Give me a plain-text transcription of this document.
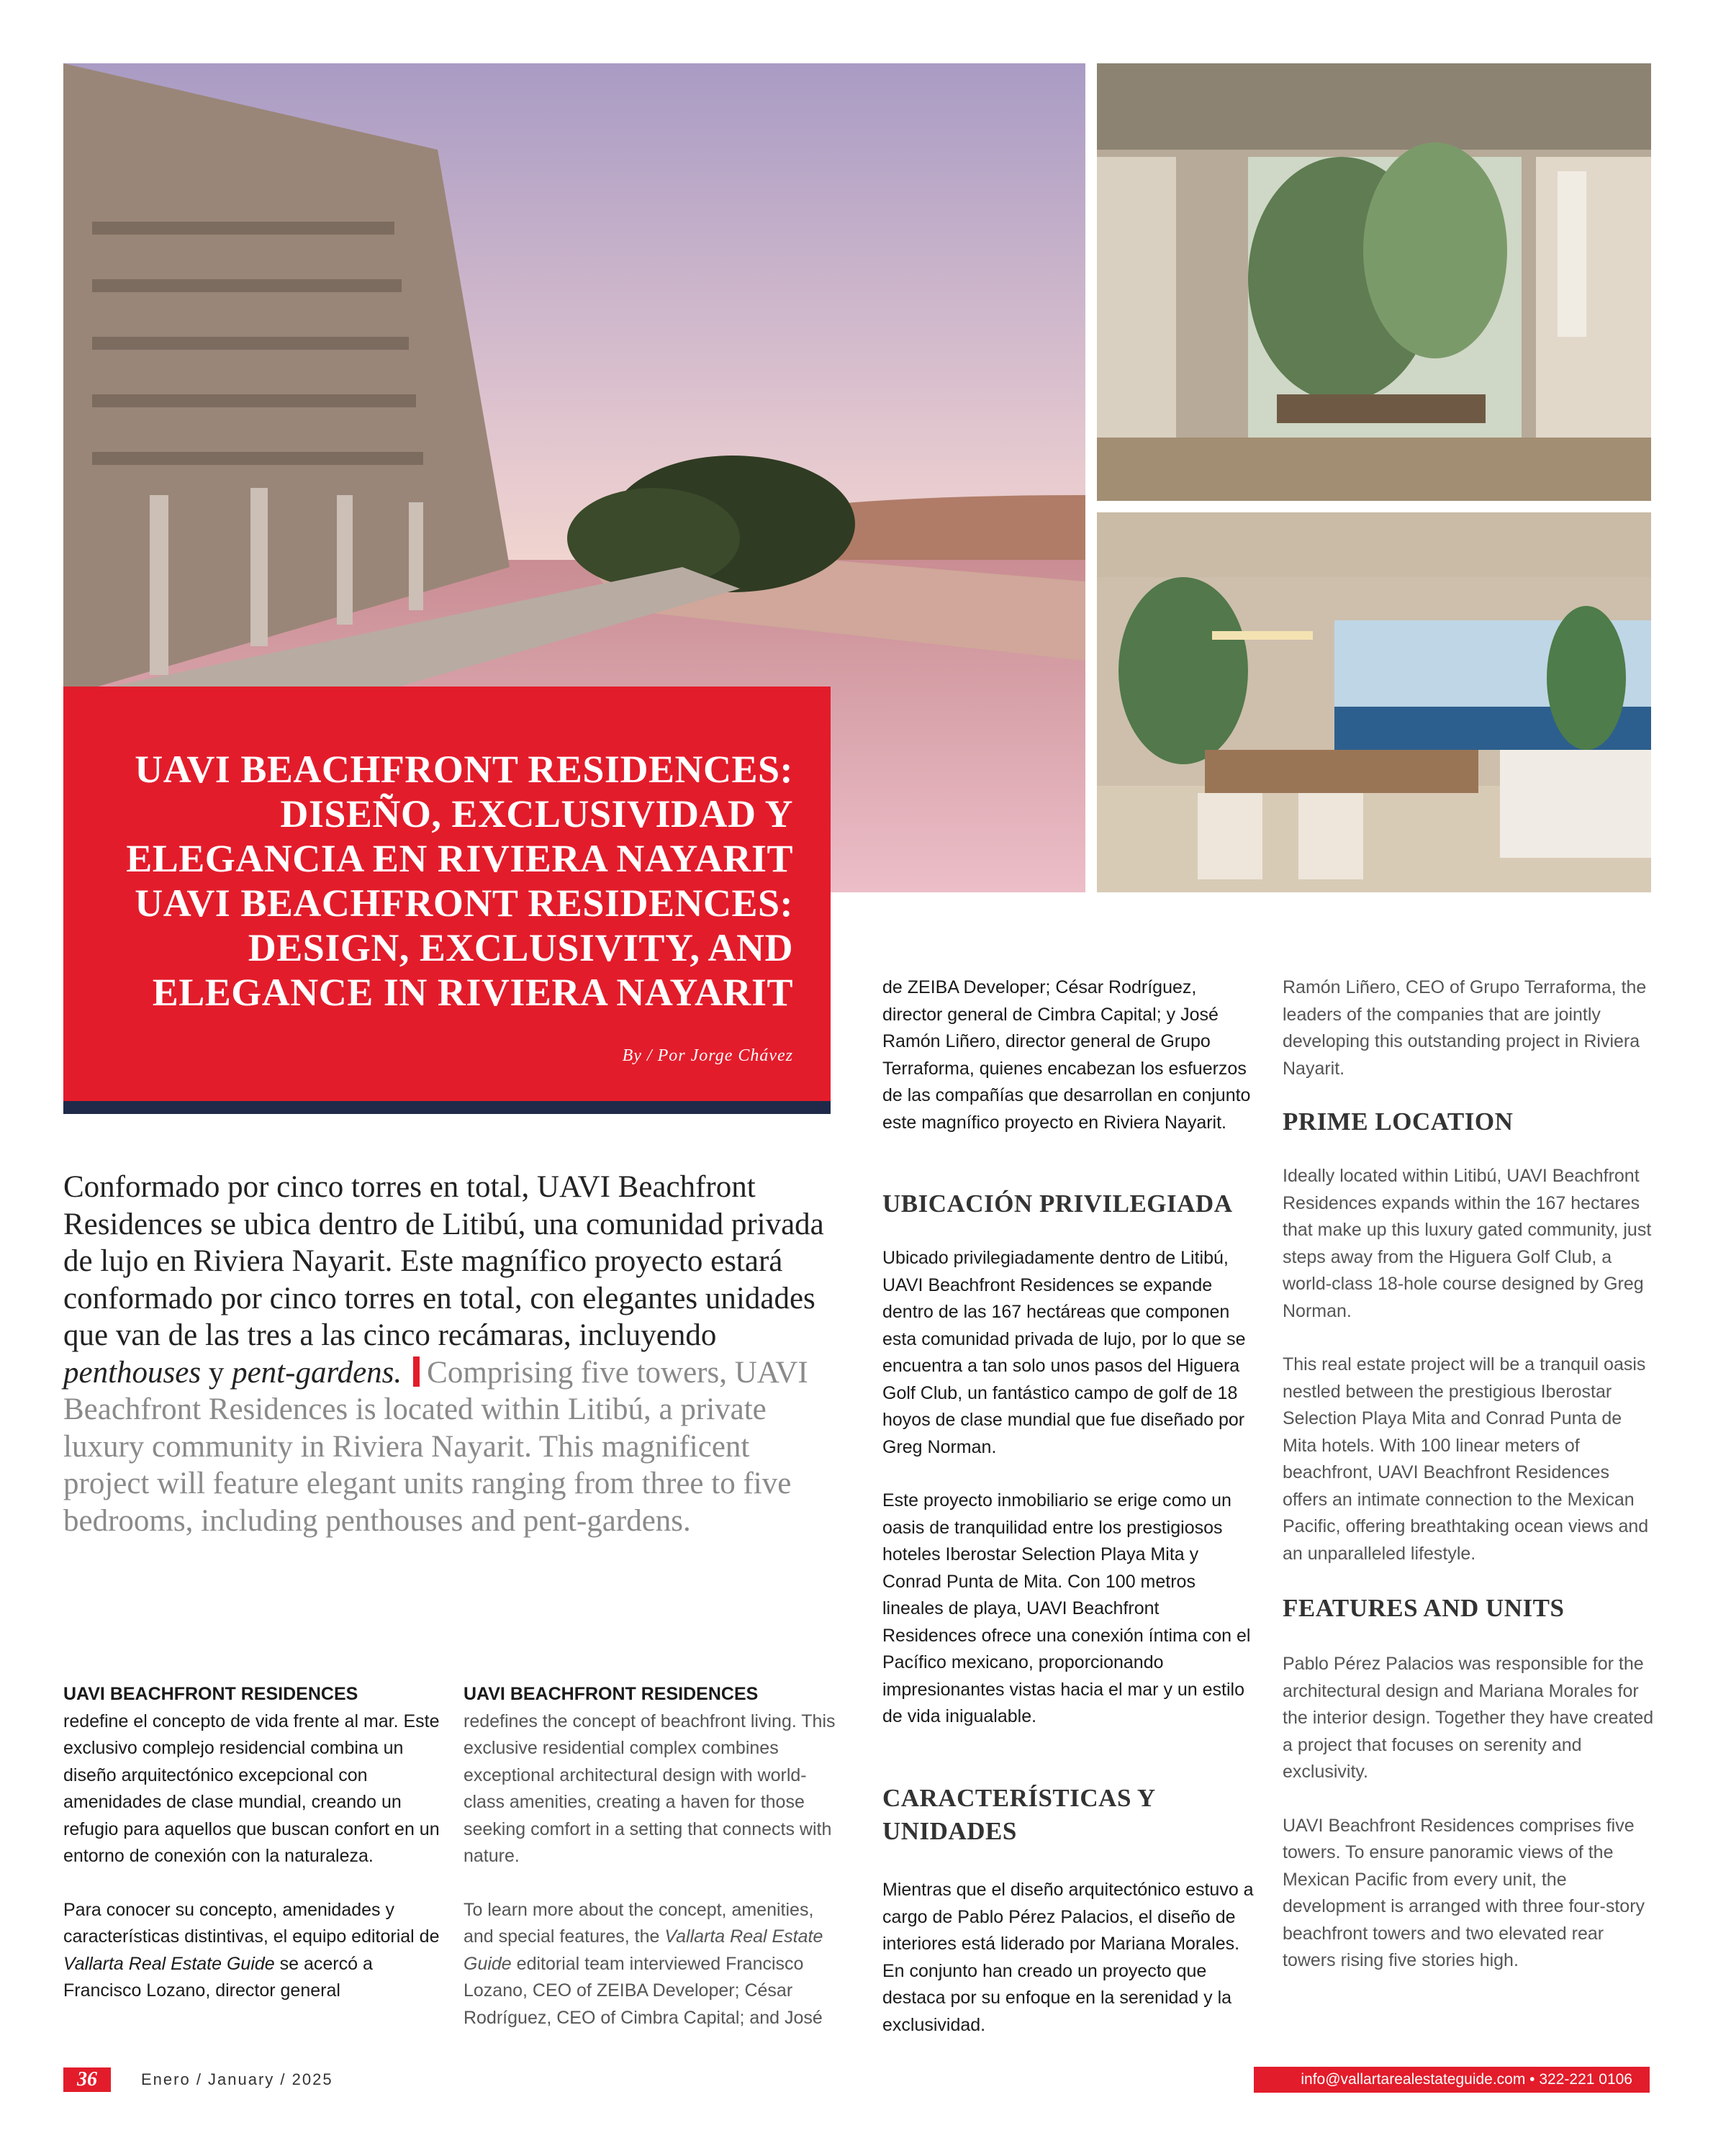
UAVI BEACHFRONT RESIDENCES:
DISEÑO, EXCLUSIVIDAD Y
ELEGANCIA EN RIVIERA NAYARIT
UAVI BEACHFRONT RESIDENCES:
DESIGN, EXCLUSIVITY, AND
ELEGANCE IN RIVIERA NAYARIT
By / Por Jorge Chávez
Conformado por cinco torres en total, UAVI Beachfront Residences se ubica dentro de Litibú, una comunidad privada de lujo en Riviera Nayarit. Este magnífico proyecto estará conformado por cinco torres en total, con elegantes unidades que van de las tres a las cinco recámaras, incluyendo penthouses y pent-gardens. Comprising five towers, UAVI Beachfront Residences is located within Litibú, a private luxury community in Riviera Nayarit. This magnificent project will feature elegant units ranging from three to five bedrooms, including penthouses and pent-gardens.

UAVI BEACHFRONT RESIDENCES
redefine el concepto de vida frente al mar. Este exclusivo complejo residencial combina un diseño arquitectónico excepcional con amenidades de clase mundial, creando un refugio para aquellos que buscan confort en un entorno de conexión con la naturaleza.

Para conocer su concepto, amenidades y características distintivas, el equipo editorial de Vallarta Real Estate Guide se acercó a Francisco Lozano, director general

UAVI BEACHFRONT RESIDENCES
redefines the concept of beachfront living. This exclusive residential complex combines exceptional architectural design with world-class amenities, creating a haven for those seeking comfort in a setting that connects with nature.

To learn more about the concept, amenities, and special features, the Vallarta Real Estate Guide editorial team interviewed Francisco Lozano, CEO of ZEIBA Developer; César Rodríguez, CEO of Cimbra Capital; and José

de ZEIBA Developer; César Rodríguez, director general de Cimbra Capital; y José Ramón Liñero, director general de Grupo Terraforma, quienes encabezan los esfuerzos de las compañías que desarrollan en conjunto este magnífico proyecto en Riviera Nayarit.

UBICACIÓN PRIVILEGIADA

Ubicado privilegiadamente dentro de Litibú, UAVI Beachfront Residences se expande dentro de las 167 hectáreas que componen esta comunidad privada de lujo, por lo que se encuentra a tan solo unos pasos del Higuera Golf Club, un fantástico campo de golf de 18 hoyos de clase mundial que fue diseñado por Greg Norman.

Este proyecto inmobiliario se erige como un oasis de tranquilidad entre los prestigiosos hoteles Iberostar Selection Playa Mita y Conrad Punta de Mita. Con 100 metros lineales de playa, UAVI Beachfront Residences ofrece una conexión íntima con el Pacífico mexicano, proporcionando impresionantes vistas hacia el mar y un estilo de vida inigualable.

CARACTERÍSTICAS Y UNIDADES

Mientras que el diseño arquitectónico estuvo a cargo de Pablo Pérez Palacios, el diseño de interiores está liderado por Mariana Morales. En conjunto han creado un proyecto que destaca por su enfoque en la serenidad y la exclusividad.

Ramón Liñero, CEO of Grupo Terraforma, the leaders of the companies that are jointly developing this outstanding project in Riviera Nayarit.

PRIME LOCATION

Ideally located within Litibú, UAVI Beachfront Residences expands within the 167 hectares that make up this luxury gated community, just steps away from the Higuera Golf Club, a world-class 18-hole course designed by Greg Norman.

This real estate project will be a tranquil oasis nestled between the prestigious Iberostar Selection Playa Mita and Conrad Punta de Mita hotels. With 100 linear meters of beachfront, UAVI Beachfront Residences offers an intimate connection to the Mexican Pacific, offering breathtaking ocean views and an unparalleled lifestyle.

FEATURES AND UNITS

Pablo Pérez Palacios was responsible for the architectural design and Mariana Morales for the interior design. Together they have created a project that focuses on serenity and exclusivity.

UAVI Beachfront Residences comprises five towers. To ensure panoramic views of the Mexican Pacific from every unit, the development is arranged with three four-story beachfront towers and two elevated rear towers rising five stories high.

36	Enero / January / 2025	info@vallartarealestateguide.com • 322-221 0106
